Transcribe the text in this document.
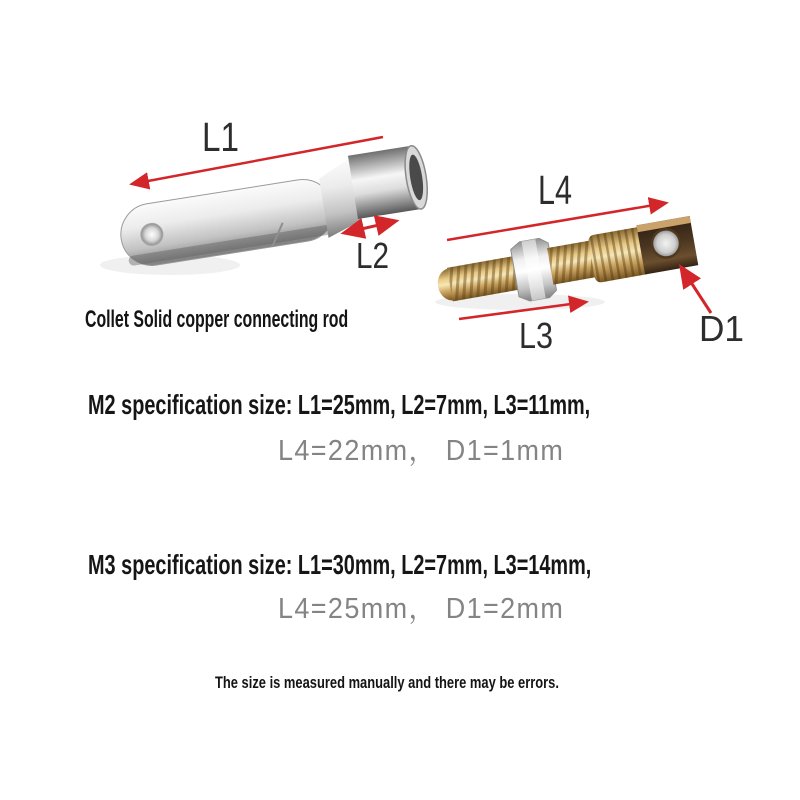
L1
L2
L4
L3	D1
Collet Solid copper connecting rod
M2 specification size: L1=25mm, L2=7mm, L3=11mm,
L4=22mm， D1=1mm
M3 specification size: L1=30mm, L2=7mm, L3=14mm,
L4=25mm， D1=2mm
The size is measured manually and there may be errors.
